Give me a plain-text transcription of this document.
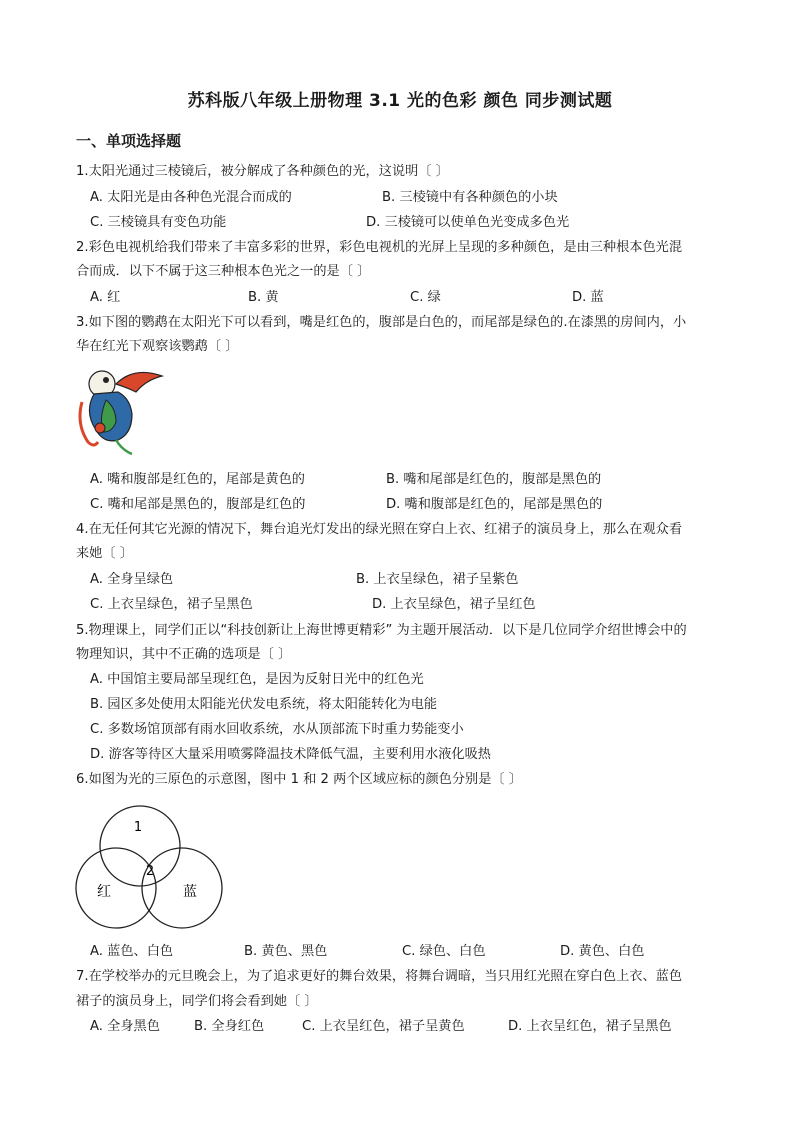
苏科版八年级上册物理 3.1 光的色彩 颜色 同步测试题
一、单项选择题
1.太阳光通过三棱镜后，被分解成了各种颜色的光，这说明〔 〕
A. 太阳光是由各种色光混合而成的	B. 三棱镜中有各种颜色的小块
C. 三棱镜具有变色功能	D. 三棱镜可以使单色光变成多色光
2.彩色电视机给我们带来了丰富多彩的世界，彩色电视机的光屏上呈现的多种颜色，是由三种根本色光混
合而成．以下不属于这三种根本色光之一的是〔 〕
A. 红	B. 黄	C. 绿	D. 蓝
3.如下图的鹦鹉在太阳光下可以看到，嘴是红色的，腹部是白色的，而尾部是绿色的.在漆黑的房间内，小
华在红光下观察该鹦鹉〔 〕
A. 嘴和腹部是红色的，尾部是黄色的	B. 嘴和尾部是红色的，腹部是黑色的
C. 嘴和尾部是黑色的，腹部是红色的	D. 嘴和腹部是红色的，尾部是黑色的
4.在无任何其它光源的情况下，舞台追光灯发出的绿光照在穿白上衣、红裙子的演员身上，那么在观众看
来她〔 〕
A. 全身呈绿色	B. 上衣呈绿色，裙子呈紫色
C. 上衣呈绿色，裙子呈黑色	D. 上衣呈绿色，裙子呈红色
5.物理课上，同学们正以“科技创新让上海世博更精彩” 为主题开展活动．以下是几位同学介绍世博会中的
物理知识，其中不正确的选项是〔 〕
A. 中国馆主要局部呈现红色，是因为反射日光中的红色光
B. 园区多处使用太阳能光伏发电系统，将太阳能转化为电能
C. 多数场馆顶部有雨水回收系统，水从顶部流下时重力势能变小
D. 游客等待区大量采用喷雾降温技术降低气温，主要利用水液化吸热
6.如图为光的三原色的示意图，图中 1 和 2 两个区域应标的颜色分别是〔 〕
1
2
红	蓝
A. 蓝色、白色	B. 黄色、黑色	C. 绿色、白色	D. 黄色、白色
7.在学校举办的元旦晚会上，为了追求更好的舞台效果，将舞台调暗，当只用红光照在穿白色上衣、蓝色
裙子的演员身上，同学们将会看到她〔 〕
A. 全身黑色	B. 全身红色	C. 上衣呈红色，裙子呈黄色	D. 上衣呈红色，裙子呈黑色
